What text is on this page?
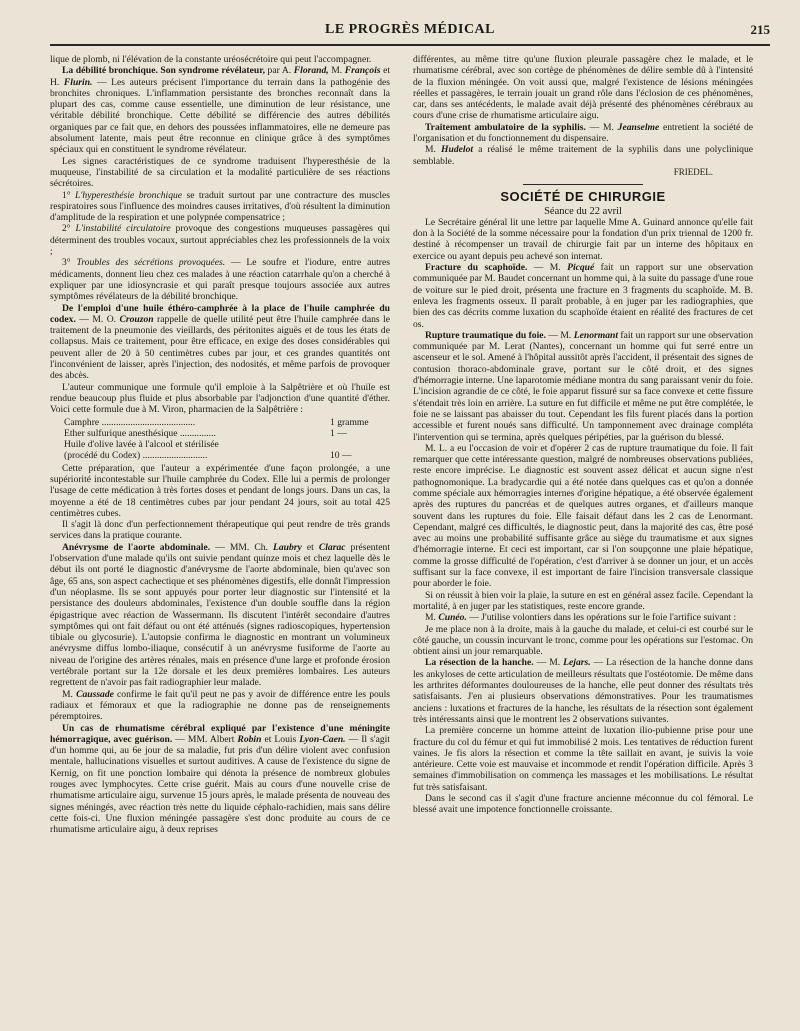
LE PROGRÈS MÉDICAL	215

lique de plomb, ni l'élévation de la constante uréosécrétoire qui peut l'accompagner.

La débilité bronchique. Son syndrome révélateur, par A. Florand, M. François et H. Flurin. — Les auteurs précisent l'importance du terrain dans la pathogénie des bronchites chroniques. L'inflammation persistante des bronches reconnaît dans la plupart des cas, comme cause essentielle, une diminution de leur résistance, une véritable débilité bronchique. Cette débilité se différencie des autres débilités organiques par ce fait que, en dehors des poussées inflammatoires, elle ne demeure pas absolument latente, mais peut être reconnue en clinique grâce à des symptômes spéciaux qui en constituent le syndrome révélateur.

Les signes caractéristiques de ce syndrome traduisent l'hyperesthésie de la muqueuse, l'instabilité de sa circulation et la modalité particulière de ses réactions sécrétoires.

1° L'hyperesthésie bronchique se traduit surtout par une contracture des muscles respiratoires sous l'influence des moindres causes irritatives, d'où résultent la diminution d'amplitude de la respiration et une polypnée compensatrice ;

2° L'instabilité circulatoire provoque des congestions muqueuses passagères qui déterminent des troubles vocaux, surtout appréciables chez les professionnels de la voix ;

3° Troubles des sécrétions provoquées. — Le soufre et l'iodure, entre autres médicaments, donnent lieu chez ces malades à une réaction catarrhale qu'on a cherché à expliquer par une idiosyncrasie et qui paraît presque toujours associée aux autres symptômes révélateurs de la débilité bronchique.

De l'emploi d'une huile éthéro-camphrée à la place de l'huile camphrée du codex. — M. O. Crouzon rappelle de quelle utilité peut être l'huile camphrée dans le traitement de la pneumonie des vieillards, des péritonites aiguës et de tous les états de collapsus. Mais ce traitement, pour être efficace, en exige des doses considérables qui peuvent aller de 20 à 50 centimètres cubes par jour, et ces grandes quantités ont l'inconvénient de laisser, après l'injection, des nodosités, et même parfois de provoquer des abcès.

L'auteur communique une formule qu'il emploie à la Salpêtrière et où l'huile est rendue beaucoup plus fluide et plus absorbable par l'adjonction d'une quantité d'éther. Voici cette formule due à M. Viron, pharmacien de la Salpêtrière :

Camphre .......................................	1 gramme
Ether sulfurique anesthésique ...............	1 —
Huile d'olive lavée à l'alcool et stérilisée
(procédé du Codex) ...........................	10 —

Cette préparation, que l'auteur a expérimentée d'une façon prolongée, a une supériorité incontestable sur l'huile camphrée du Codex. Elle lui a permis de prolonger l'usage de cette médication à très fortes doses et pendant de longs jours. Dans un cas, la moyenne a été de 18 centimètres cubes par jour pendant 24 jours, soit au total 425 centimètres cubes.

Il s'agit là donc d'un perfectionnement thérapeutique qui peut rendre de très grands services dans la pratique courante.

Anévrysme de l'aorte abdominale. — MM. Ch. Laubry et Clarac présentent l'observation d'une malade qu'ils ont suivie pendant quinze mois et chez laquelle dès le début ils ont porté le diagnostic d'anévrysme de l'aorte abdominale, bien qu'avec son âge, 65 ans, son aspect cachectique et ses phénomènes digestifs, elle donnât l'impression d'un néoplasme. Ils se sont appuyés pour porter leur diagnostic sur l'intensité et la persistance des douleurs abdominales, l'existence d'un double souffle dans la région épigastrique avec réaction de Wassermann. Ils discutent l'intérêt secondaire d'autres symptômes qui ont fait défaut ou ont été atténués (signes radioscopiques, hypertension tibiale ou glycosurie). L'autopsie confirma le diagnostic en montrant un volumineux anévrysme diffus lombo-iliaque, consécutif à un anévrysme fusiforme de l'aorte au niveau de l'origine des artères rénales, mais en présence d'une large et profonde érosion vertébrale portant sur la 12e dorsale et les deux premières lombaires. Les auteurs regrettent de n'avoir pas fait radiographier leur malade.

M. Caussade confirme le fait qu'il peut ne pas y avoir de différence entre les pouls radiaux et fémoraux et que la radiographie ne donne pas de renseignements péremptoires.

Un cas de rhumatisme cérébral expliqué par l'existence d'une méningite hémorragique, avec guérison. — MM. Albert Robin et Louis Lyon-Caen. — Il s'agit d'un homme qui, au 6e jour de sa maladie, fut pris d'un délire violent avec confusion mentale, hallucinations visuelles et surtout auditives. A cause de l'existence du signe de Kernig, on fit une ponction lombaire qui dénota la présence de nombreux globules rouges avec lymphocytes. Cette crise guérit. Mais au cours d'une nouvelle crise de rhumatisme articulaire aigu, survenue 15 jours après, le malade présenta de nouveau des signes méningés, avec réaction très nette du liquide céphalo-rachidien, mais sans délire cette fois-ci. Une fluxion méningée passagère s'est donc produite au cours de ce rhumatisme articulaire aigu, à deux reprises

différentes, au même titre qu'une fluxion pleurale passagère chez le malade, et le rhumatisme cérébral, avec son cortège de phénomènes de délire semble dû à l'intensité de la fluxion méningée. On voit aussi que, malgré l'existence de lésions méningées réelles et passagères, le terrain jouait un grand rôle dans l'éclosion de ces phénomènes, car, dans ses antécédents, le malade avait déjà présenté des phénomènes cérébraux au cours d'une crise de rhumatisme articulaire aigu.

Traitement ambulatoire de la syphilis. — M. Jeanselme entretient la société de l'organisation et du fonctionnement du dispensaire.

M. Hudelot a réalisé le même traitement de la syphilis dans une polyclinique semblable.

FRIEDEL.
SOCIÉTÉ DE CHIRURGIE

Séance du 22 avril

Le Secrétaire général lit une lettre par laquelle Mme A. Guinard annonce qu'elle fait don à la Société de la somme nécessaire pour la fondation d'un prix triennal de 1200 fr. destiné à récompenser un travail de chirurgie fait par un interne des hôpitaux en exercice ou ayant depuis peu achevé son internat.

Fracture du scaphoïde. — M. Picqué fait un rapport sur une observation communiquée par M. Baudet concernant un homme qui, à la suite du passage d'une roue de voiture sur le pied droit, présenta une fracture en 3 fragments du scaphoïde. M. B. enleva les fragments osseux. Il paraît probable, à en juger par les radiographies, que bien des cas décrits comme luxation du scaphoïde étaient en réalité des fractures de cet os.

Rupture traumatique du foie. — M. Lenormant fait un rapport sur une observation communiquée par M. Lerat (Nantes), concernant un homme qui fut serré entre un ascenseur et le sol. Amené à l'hôpital aussitôt après l'accident, il présentait des signes de contusion thoraco-abdominale grave, portant sur le côté droit, et des signes d'hémorragie interne. Une laparotomie médiane montra du sang paraissant venir du foie. L'incision agrandie de ce côté, le foie apparut fissuré sur sa face convexe et cette fissure s'étendait très loin en arrière. La suture en fut difficile et même ne put être complétée, le foie ne se laissant pas abaisser du tout. Cependant les fils furent placés dans la portion accessible et furent noués sans difficulté. Un tamponnement avec drainage compléta l'intervention qui se termina, après quelques péripéties, par la guérison du blessé.

M. L. a eu l'occasion de voir et d'opérer 2 cas de rupture traumatique du foie. Il fait remarquer que cette intéressante question, malgré de nombreuses observations publiées, reste encore imprécise. Le diagnostic est souvent assez délicat et aucun signe n'est pathognomonique. La bradycardie qui a été notée dans quelques cas et qu'on a donnée comme spéciale aux hémorragies internes d'origine hépatique, a été observée également après des ruptures du pancréas et de quelques autres organes, et d'ailleurs manque souvent dans les ruptures du foie. Elle faisait défaut dans les 2 cas de Lenormant. Cependant, malgré ces difficultés, le diagnostic peut, dans la majorité des cas, être posé avec au moins une probabilité suffisante grâce au siège du traumatisme et aux signes d'hémorragie interne. Et ceci est important, car si l'on soupçonne une plaie hépatique, comme la grosse difficulté de l'opération, c'est d'arriver à se donner un jour, et un accès suffisant sur la face convexe, il est important de faire l'incision transversale classique pour aborder le foie.

Si on réussit à bien voir la plaie, la suture en est en général assez facile. Cependant la mortalité, à en juger par les statistiques, reste encore grande.

M. Cunéo. — J'utilise volontiers dans les opérations sur le foie l'artifice suivant :

Je me place non à la droite, mais à la gauche du malade, et celui-ci est courbé sur le côté gauche, un coussin incurvant le tronc, comme pour les opérations sur l'estomac. On obtient ainsi un jour remarquable.

La résection de la hanche. — M. Lejars. — La résection de la hanche donne dans les ankyloses de cette articulation de meilleurs résultats que l'ostéotomie. De même dans les arthrites déformantes douloureuses de la hanche, elle peut donner des résultats très satisfaisants. J'en ai plusieurs observations démonstratives. Pour les traumatismes anciens : luxations et fractures de la hanche, les résultats de la résection sont également très intéressants ainsi que le montrent les 2 observations suivantes.

La première concerne un homme atteint de luxation ilio-pubienne prise pour une fracture du col du fémur et qui fut immobilisé 2 mois. Les tentatives de réduction furent vaines. Je fis alors la résection et comme la tête saillait en avant, je suivis la voie antérieure. Cette voie est mauvaise et incommode et rendit l'opération difficile. Après 3 semaines d'immobilisation on commença les massages et les mobilisations. Le résultat fut très satisfaisant.

Dans le second cas il s'agit d'une fracture ancienne méconnue du col fémoral. Le blessé avait une impotence fonctionnelle croissante.
